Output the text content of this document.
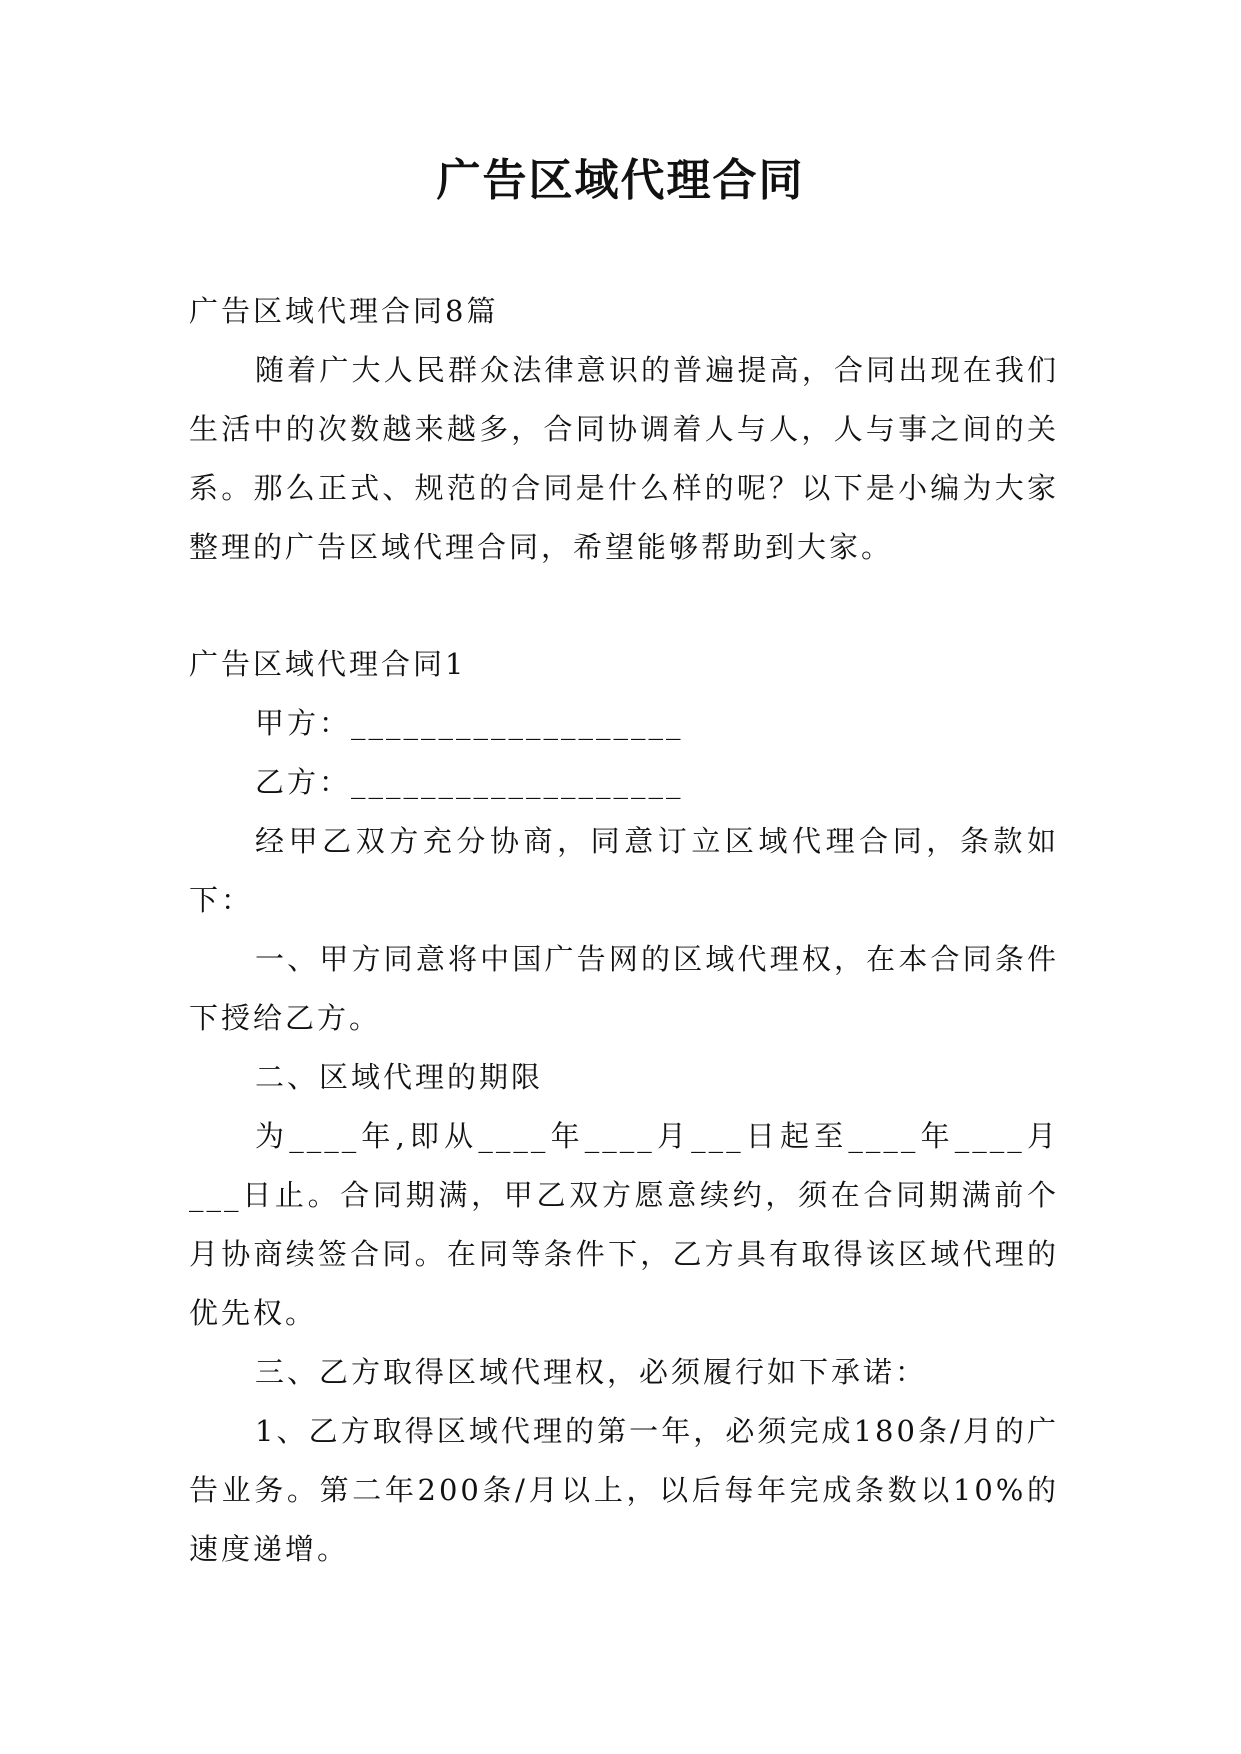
广告区域代理合同

广告区域代理合同8篇

随着广大人民群众法律意识的普遍提高，合同出现在我们生活中的次数越来越多，合同协调着人与人，人与事之间的关系。那么正式、规范的合同是什么样的呢？以下是小编为大家整理的广告区域代理合同，希望能够帮助到大家。

广告区域代理合同1

甲方：___________________

乙方：___________________

经甲乙双方充分协商，同意订立区域代理合同，条款如下：

一、甲方同意将中国广告网的区域代理权，在本合同条件下授给乙方。

二、区域代理的期限

为____年,即从____年____月___日起至____年____月___日止。合同期满，甲乙双方愿意续约，须在合同期满前个月协商续签合同。在同等条件下，乙方具有取得该区域代理的优先权。

三、乙方取得区域代理权，必须履行如下承诺：

1、乙方取得区域代理的第一年，必须完成180条/月的广告业务。第二年200条/月以上，以后每年完成条数以10%的速度递增。
